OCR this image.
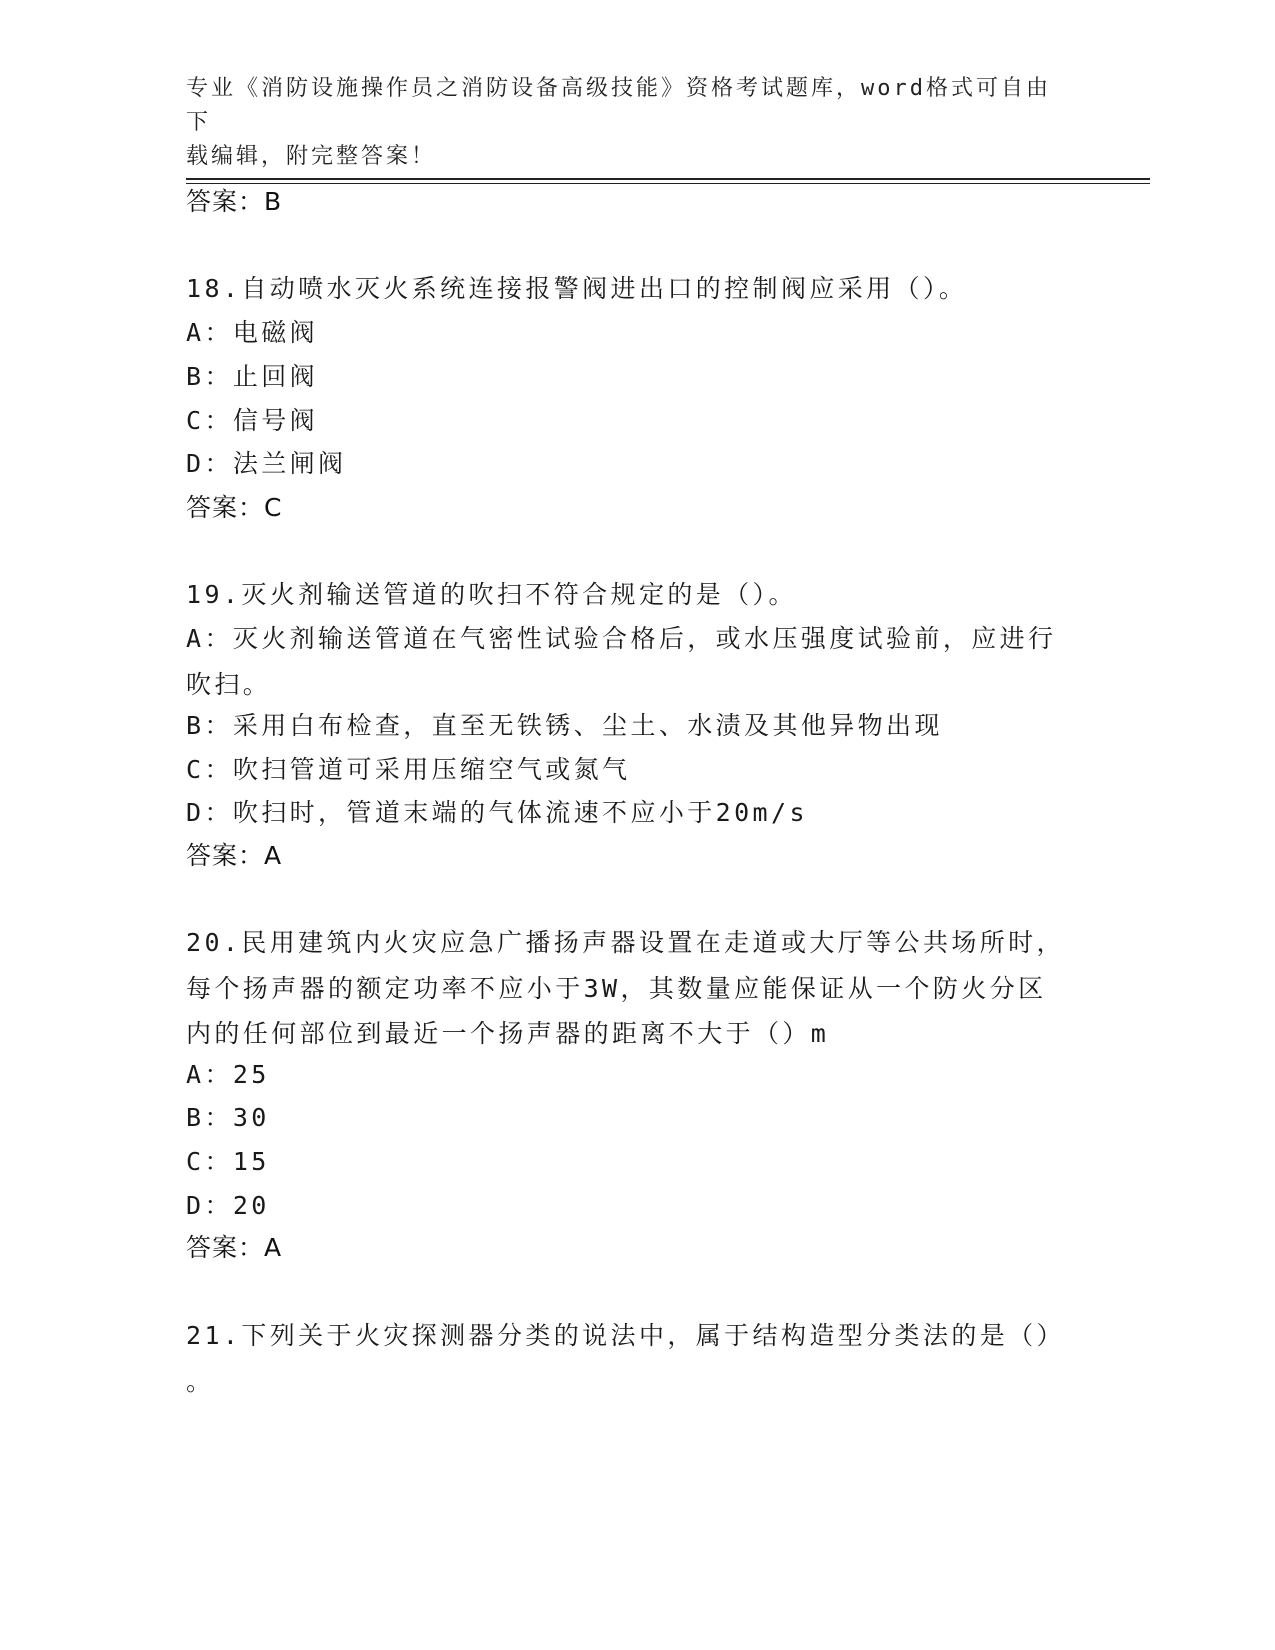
专业《消防设施操作员之消防设备高级技能》资格考试题库，word格式可自由下
载编辑，附完整答案！
答案：B
18.自动喷水灭火系统连接报警阀进出口的控制阀应采用（）。
A：电磁阀
B：止回阀
C：信号阀
D：法兰闸阀
答案：C
19.灭火剂输送管道的吹扫不符合规定的是（）。
A：灭火剂输送管道在气密性试验合格后，或水压强度试验前，应进行
吹扫。
B：采用白布检查，直至无铁锈、尘土、水渍及其他异物出现
C：吹扫管道可采用压缩空气或氮气
D：吹扫时，管道末端的气体流速不应小于20m/s
答案：A
20.民用建筑内火灾应急广播扬声器设置在走道或大厅等公共场所时，
每个扬声器的额定功率不应小于3W，其数量应能保证从一个防火分区
内的任何部位到最近一个扬声器的距离不大于（）m
A：25
B：30
C：15
D：20
答案：A
21.下列关于火灾探测器分类的说法中，属于结构造型分类法的是（）
。
